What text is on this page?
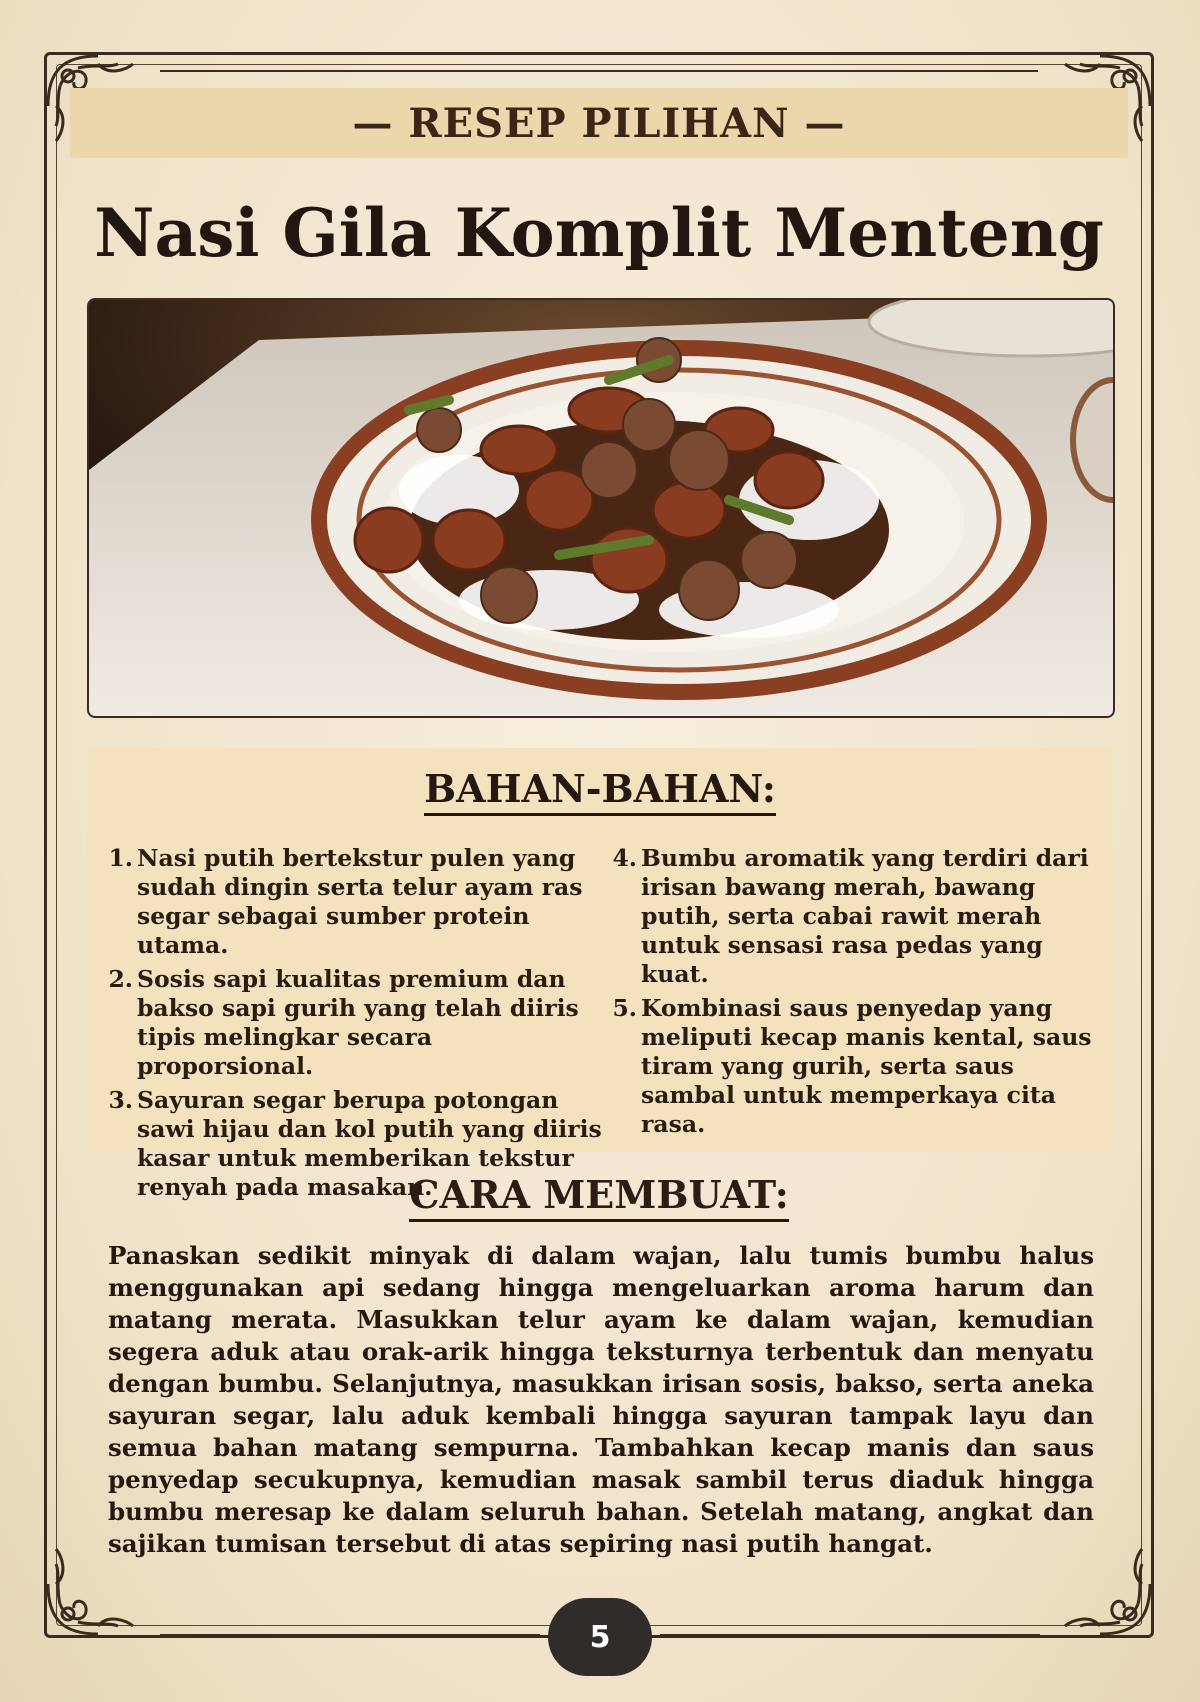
— RESEP PILIHAN —
Nasi Gila Komplit Menteng
BAHAN-BAHAN:
1. Nasi putih bertekstur pulen yang sudah dingin serta telur ayam ras segar sebagai sumber protein utama.
2. Sosis sapi kualitas premium dan bakso sapi gurih yang telah diiris tipis melingkar secara proporsional.
3. Sayuran segar berupa potongan sawi hijau dan kol putih yang diiris kasar untuk memberikan tekstur renyah pada masakan.
4. Bumbu aromatik yang terdiri dari irisan bawang merah, bawang putih, serta cabai rawit merah untuk sensasi rasa pedas yang kuat.
5. Kombinasi saus penyedap yang meliputi kecap manis kental, saus tiram yang gurih, serta saus sambal untuk memperkaya cita rasa.
CARA MEMBUAT:
Panaskan sedikit minyak di dalam wajan, lalu tumis bumbu halus menggunakan api sedang hingga mengeluarkan aroma harum dan matang merata. Masukkan telur ayam ke dalam wajan, kemudian segera aduk atau orak-arik hingga teksturnya terbentuk dan menyatu dengan bumbu. Selanjutnya, masukkan irisan sosis, bakso, serta aneka sayuran segar, lalu aduk kembali hingga sayuran tampak layu dan semua bahan matang sempurna. Tambahkan kecap manis dan saus penyedap secukupnya, kemudian masak sambil terus diaduk hingga bumbu meresap ke dalam seluruh bahan. Setelah matang, angkat dan sajikan tumisan tersebut di atas sepiring nasi putih hangat.
5
